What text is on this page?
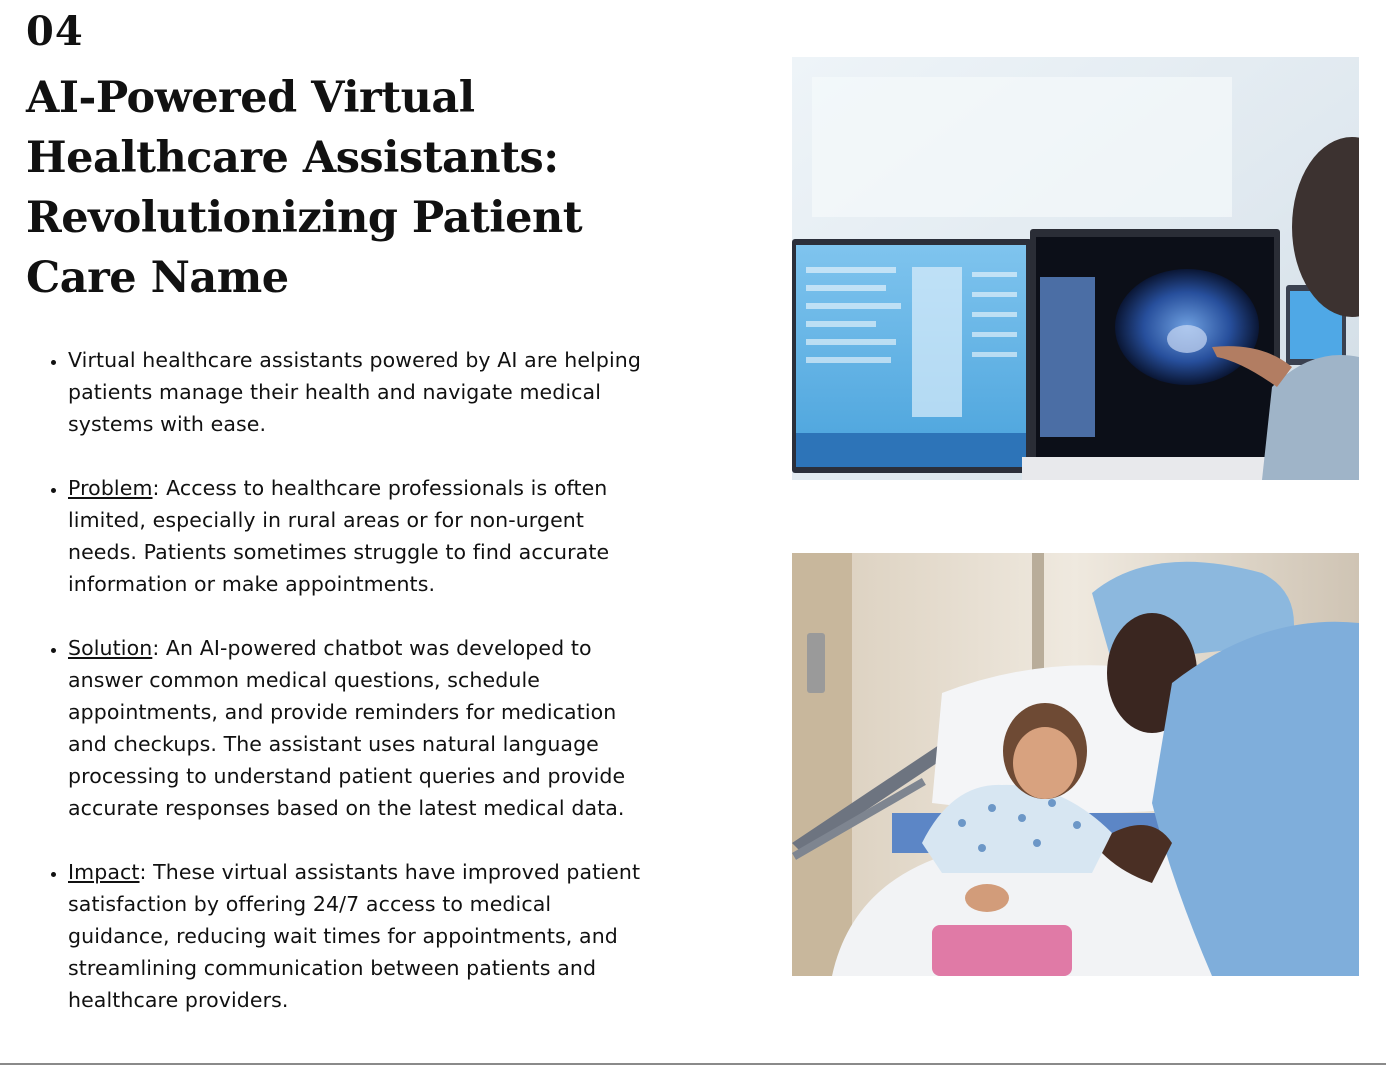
04
AI-Powered Virtual Healthcare Assistants: Revolutionizing Patient Care Name
• Virtual healthcare assistants powered by AI are helping patients manage their health and navigate medical systems with ease.
• Problem: Access to healthcare professionals is often limited, especially in rural areas or for non-urgent needs. Patients sometimes struggle to find accurate information or make appointments.
• Solution: An AI-powered chatbot was developed to answer common medical questions, schedule appointments, and provide reminders for medication and checkups. The assistant uses natural language processing to understand patient queries and provide accurate responses based on the latest medical data.
• Impact: These virtual assistants have improved patient satisfaction by offering 24/7 access to medical guidance, reducing wait times for appointments, and streamlining communication between patients and healthcare providers.
